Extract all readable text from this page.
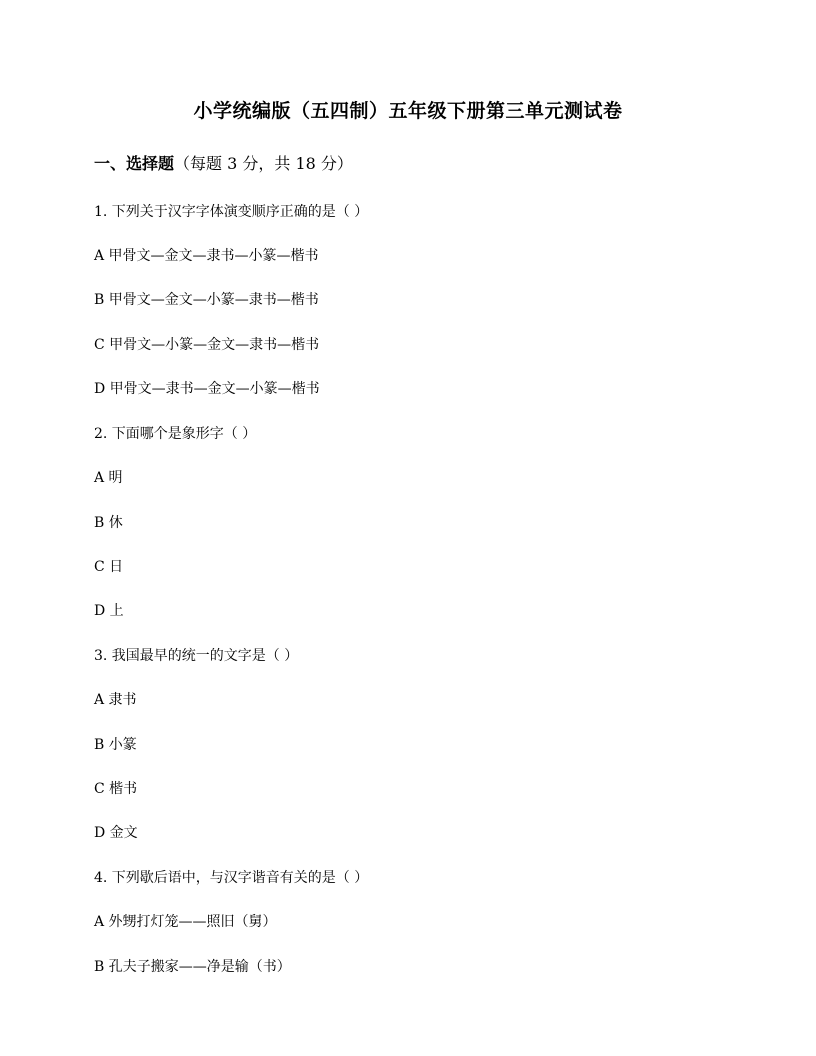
小学统编版（五四制）五年级下册第三单元测试卷
一、选择题（每题 3 分，共 18 分）
1. 下列关于汉字字体演变顺序正确的是（ ）
A 甲骨文—金文—隶书—小篆—楷书
B 甲骨文—金文—小篆—隶书—楷书
C 甲骨文—小篆—金文—隶书—楷书
D 甲骨文—隶书—金文—小篆—楷书
2. 下面哪个是象形字（ ）
A 明
B 休
C 日
D 上
3. 我国最早的统一的文字是（ ）
A 隶书
B 小篆
C 楷书
D 金文
4. 下列歇后语中，与汉字谐音有关的是（ ）
A 外甥打灯笼——照旧（舅）
B 孔夫子搬家——净是输（书）
